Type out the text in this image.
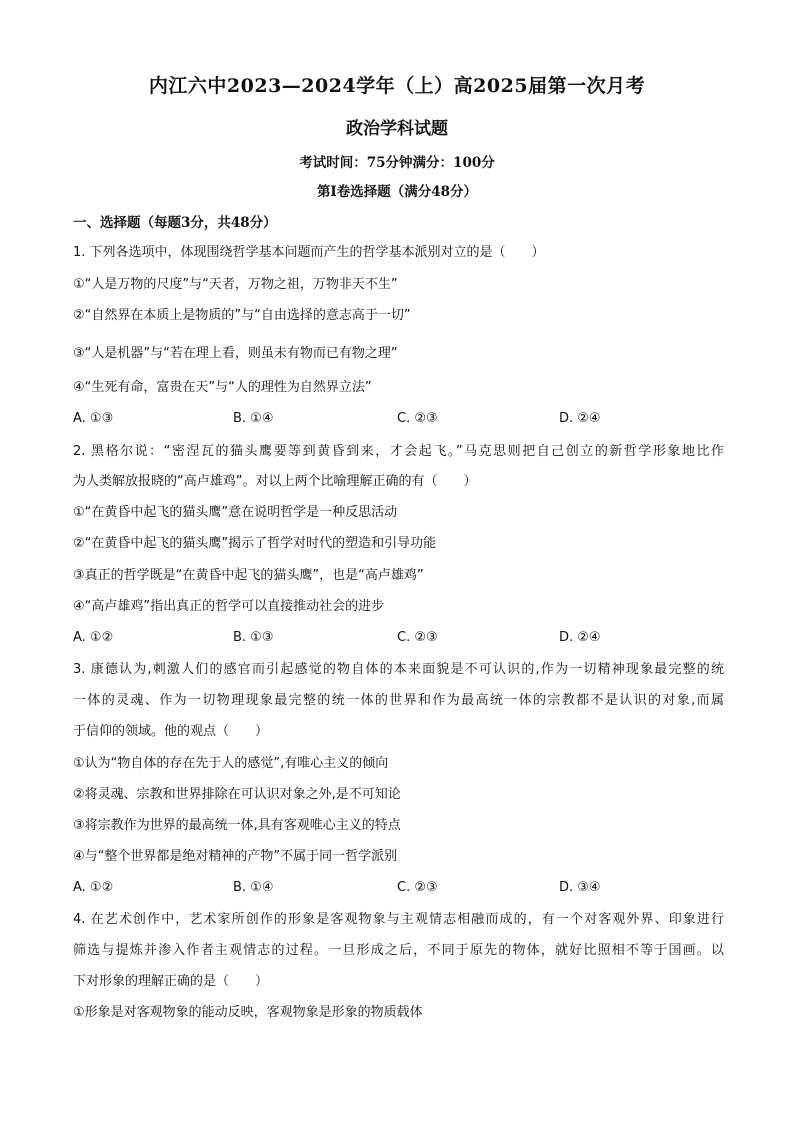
内江六中2023—2024学年（上）高2025届第一次月考
政治学科试题
考试时间：75分钟满分：100分
第Ⅰ卷选择题（满分48分）
一、选择题（每题3分，共48分）
1. 下列各选项中，体现围绕哲学基本问题而产生的哲学基本派别对立的是（　　）
①“人是万物的尺度”与“天者，万物之祖，万物非天不生”
②“自然界在本质上是物质的”与“自由选择的意志高于一切”
③“人是机器”与“若在理上看，则虽未有物而已有物之理”
④“生死有命，富贵在天”与“人的理性为自然界立法”
A. ①③	B. ①④	C. ②③	D. ②④
2. 黑格尔说：“密涅瓦的猫头鹰要等到黄昏到来，才会起飞。”马克思则把自己创立的新哲学形象地比作
为人类解放报晓的“高卢雄鸡”。对以上两个比喻理解正确的有（　　）
①“在黄昏中起飞的猫头鹰”意在说明哲学是一种反思活动
②“在黄昏中起飞的猫头鹰”揭示了哲学对时代的塑造和引导功能
③真正的哲学既是“在黄昏中起飞的猫头鹰”，也是“高卢雄鸡”
④“高卢雄鸡”指出真正的哲学可以直接推动社会的进步
A. ①②	B. ①③	C. ②③	D. ②④
3. 康德认为,刺激人们的感官而引起感觉的物自体的本来面貌是不可认识的,作为一切精神现象最完整的统
一体的灵魂、作为一切物理现象最完整的统一体的世界和作为最高统一体的宗教都不是认识的对象,而属
于信仰的领域。他的观点（　　）
①认为“物自体的存在先于人的感觉”,有唯心主义的倾向
②将灵魂、宗教和世界排除在可认识对象之外,是不可知论
③将宗教作为世界的最高统一体,具有客观唯心主义的特点
④与“整个世界都是绝对精神的产物”不属于同一哲学派别
A. ①②	B. ①④	C. ②③	D. ③④
4. 在艺术创作中，艺术家所创作的形象是客观物象与主观情志相融而成的，有一个对客观外界、印象进行
筛选与提炼并渗入作者主观情志的过程。一旦形成之后，不同于原先的物体，就好比照相不等于国画。以
下对形象的理解正确的是（　　）
①形象是对客观物象的能动反映，客观物象是形象的物质载体
